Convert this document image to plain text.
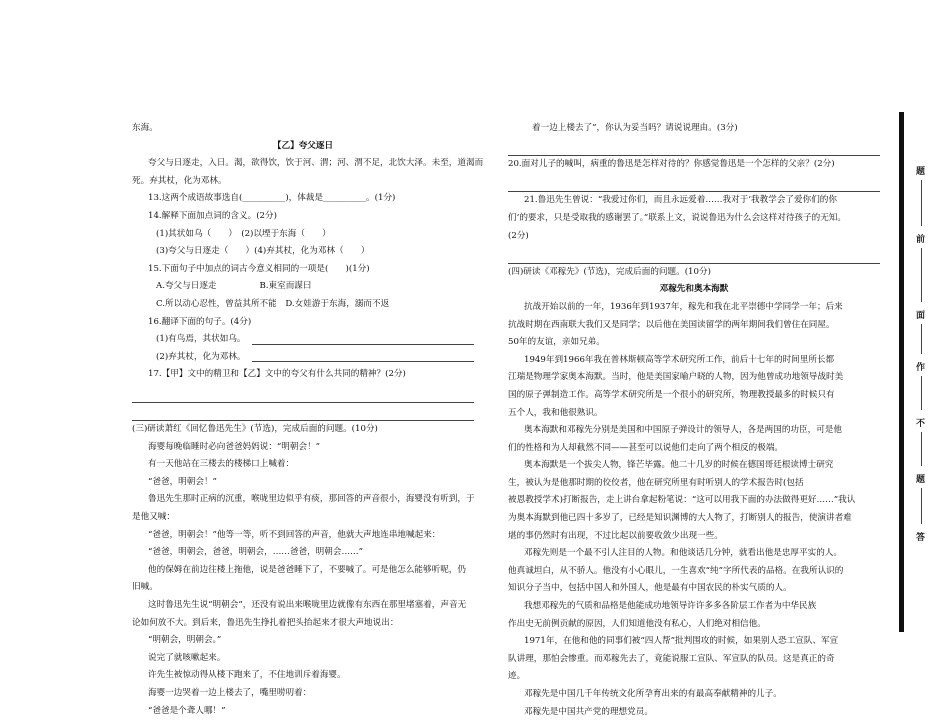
东海。
【乙】夸父逐日
夸父与日逐走，入日。渴，欲得饮，饮于河、渭；河、渭不足，北饮大泽。未至，道渴而
死。弃其杖，化为邓林。
13.这两个成语故事选自(__________)，体裁是__________。(1分)
14.解释下面加点词的含义。(2分)
(1)其状如乌（　　）　(2)以堙于东海（　　）
(3)夸父与日逐走（　　）(4)弃其杖，化为邓林（　　）
15.下面句子中加点的词古今意义相同的一项是(　　)(1分)
A.夸父与日逐走　　　　　B.東室而謀曰
C.所以动心忍性，曾益其所不能　D.女娃游于东海，溺而不返
16.翻译下面的句子。(4分)
(1)有鸟焉，其状如乌。
(2)弃其杖，化为邓林。
17.【甲】文中的精卫和【乙】文中的夸父有什么共同的精神？(2分)
(三)研读萧红《回忆鲁迅先生》(节选)，完成后面的问题。(10分)
海婴每晚临睡时必向爸爸妈妈说：“明朝会！”
有一天他站在三楼去的楼梯口上喊着：
“爸爸，明朝会！”
鲁迅先生那时正病的沉重，喉咙里边似乎有痰，那回答的声音很小，海婴没有听到，于
是他又喊：
“爸爸，明朝会！”他等一等，听不到回答的声音，他就大声地连串地喊起来：
“爸爸，明朝会，爸爸，明朝会，……爸爸，明朝会……”
他的保姆在前边往楼上拖他，说是爸爸睡下了，不要喊了。可是他怎么能够听呢，仍
旧喊。
这时鲁迅先生说“明朝会”，还没有说出来喉咙里边就像有东西在那里堵塞着，声音无
论如何放不大。到后来，鲁迅先生挣扎着把头抬起来才很大声地说出：
“明朝会，明朝会。”
说完了就咳嗽起来。
许先生被惊动得从楼下跑来了，不住地训斥着海婴。
海婴一边哭着一边上楼去了，嘴里唠叨着：
“爸爸是个聋人哪！”
着一边上楼去了”，你认为妥当吗？请说说理由。(3分)
20.面对儿子的喊叫，病重的鲁迅是怎样对待的？你感觉鲁迅是一个怎样的父亲？(2分)
21.鲁迅先生曾说：“我爱过你们，而且永远爱着……我对于‘我教学会了爱你们的你
们’的要求，只是受取我的感谢罢了。”联系上文，说说鲁迅为什么会这样对待孩子的无知。
(2分)
(四)研读《邓稼先》(节选)，完成后面的问题。(10分)
邓稼先和奥本海默
抗战开始以前的一年，1936年到1937年，稼先和我在北平崇德中学同学一年；后来
抗战时期在西南联大我们又是同学；以后他在美国读留学的两年期间我们曾住在同屋。
50年的友谊，亲如兄弟。
1949年到1966年我在普林斯顿高等学术研究所工作，前后十七年的时间里所长都
江瑞是物理学家奥本海默。当时，他是美国家喻户晓的人物，因为他曾成功地领导战时美
国的原子弹制造工作。高等学术研究所是一个很小的研究所，物理教授最多的时候只有
五个人，我和他很熟识。
奥本海默和邓稼先分别是美国和中国原子弹设计的领导人，各是两国的功臣，可是他
们的性格和为人却截然不同——甚至可以说他们走向了两个相反的极端。
奥本海默是一个拔尖人物，锋芒毕露。他二十几岁的时候在德国哥廷根读博士研究
生，被认为是他那时期的佼佼者，他在研究所里有时听别人的学术报告时(包括
被恩教授学术)打断报告，走上讲台拿起粉笔说：“这可以用我下面的办法做得更好……”我认
为奥本海默到他已四十多岁了，已经是知识渊博的大人物了，打断别人的报告，使演讲者难
堪的事仍然时有出现，不过比起以前要收敛少出现一些。
邓稼先则是一个最不引人注目的人物。和他谈话几分钟，就看出他是忠厚平实的人。
他真诚坦白，从不骄人。他没有小心眼儿，一生喜欢“纯”字所代表的品格。在我所认识的
知识分子当中，包括中国人和外国人，他是最有中国农民的朴实气质的人。
我想邓稼先的气质和品格是他能成功地领导许许多多各阶层工作者为中华民族
作出史无前例贡献的原因，人们知道他没有私心，人们绝对相信他。
1971年，在他和他的同事们被“四人帮”批判围攻的时候，如果别人恐工宣队、军宣
队讲理，那怕会惨重。而邓稼先去了，竟能说服工宣队、军宣队的队员。这是真正的奇
迹。
邓稼先是中国几千年传统文化所孕育出来的有最高奉献精神的儿子。
邓稼先是中国共产党的理想党员。
题
前
面
作
不
题
答
